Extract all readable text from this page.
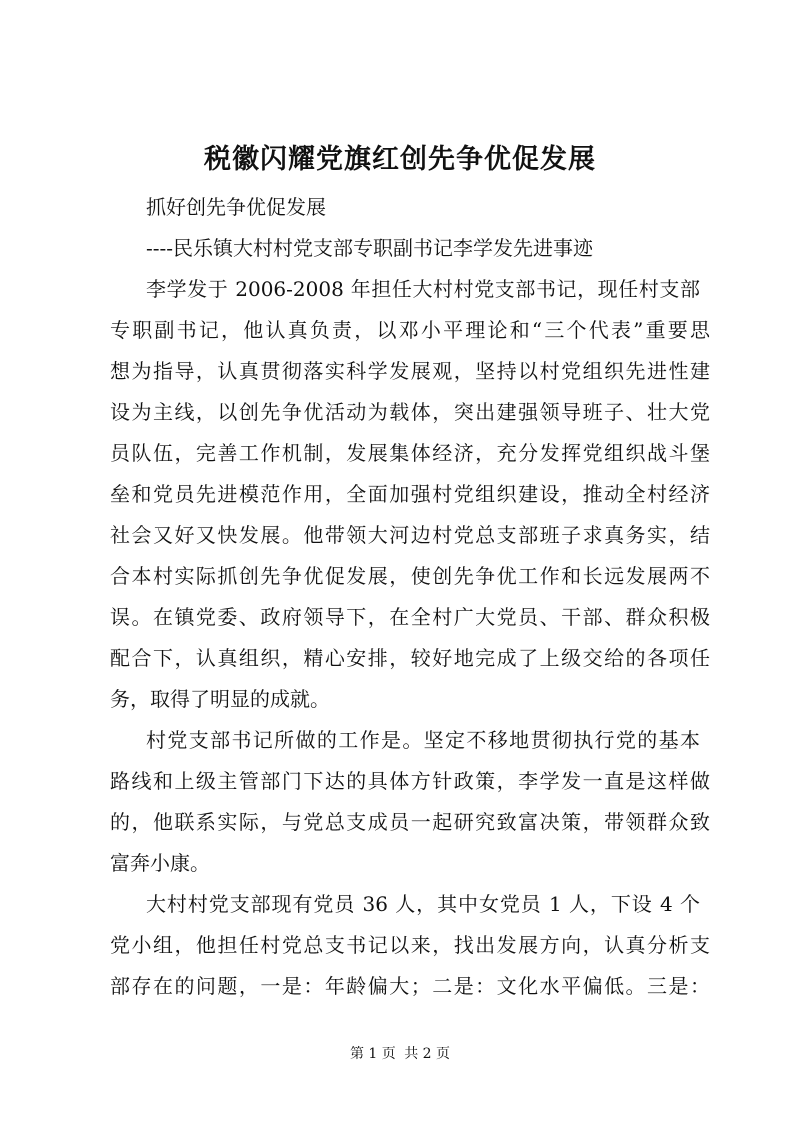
税徽闪耀党旗红创先争优促发展
抓好创先争优促发展
----民乐镇大村村党支部专职副书记李学发先进事迹
李学发于 2006-2008 年担任大村村党支部书记，现任村支部
专职副书记，他认真负责，以邓小平理论和“三个代表”重要思
想为指导，认真贯彻落实科学发展观，坚持以村党组织先进性建
设为主线，以创先争优活动为载体，突出建强领导班子、壮大党
员队伍，完善工作机制，发展集体经济，充分发挥党组织战斗堡
垒和党员先进模范作用，全面加强村党组织建设，推动全村经济
社会又好又快发展。他带领大河边村党总支部班子求真务实，结
合本村实际抓创先争优促发展，使创先争优工作和长远发展两不
误。在镇党委、政府领导下，在全村广大党员、干部、群众积极
配合下，认真组织，精心安排，较好地完成了上级交给的各项任
务，取得了明显的成就。
村党支部书记所做的工作是。坚定不移地贯彻执行党的基本
路线和上级主管部门下达的具体方针政策，李学发一直是这样做
的，他联系实际，与党总支成员一起研究致富决策，带领群众致
富奔小康。
大村村党支部现有党员 36 人，其中女党员 1 人，下设 4 个
党小组，他担任村党总支书记以来，找出发展方向，认真分析支
部存在的问题，一是：年龄偏大；二是：文化水平偏低。三是：
第 1 页 共 2 页
